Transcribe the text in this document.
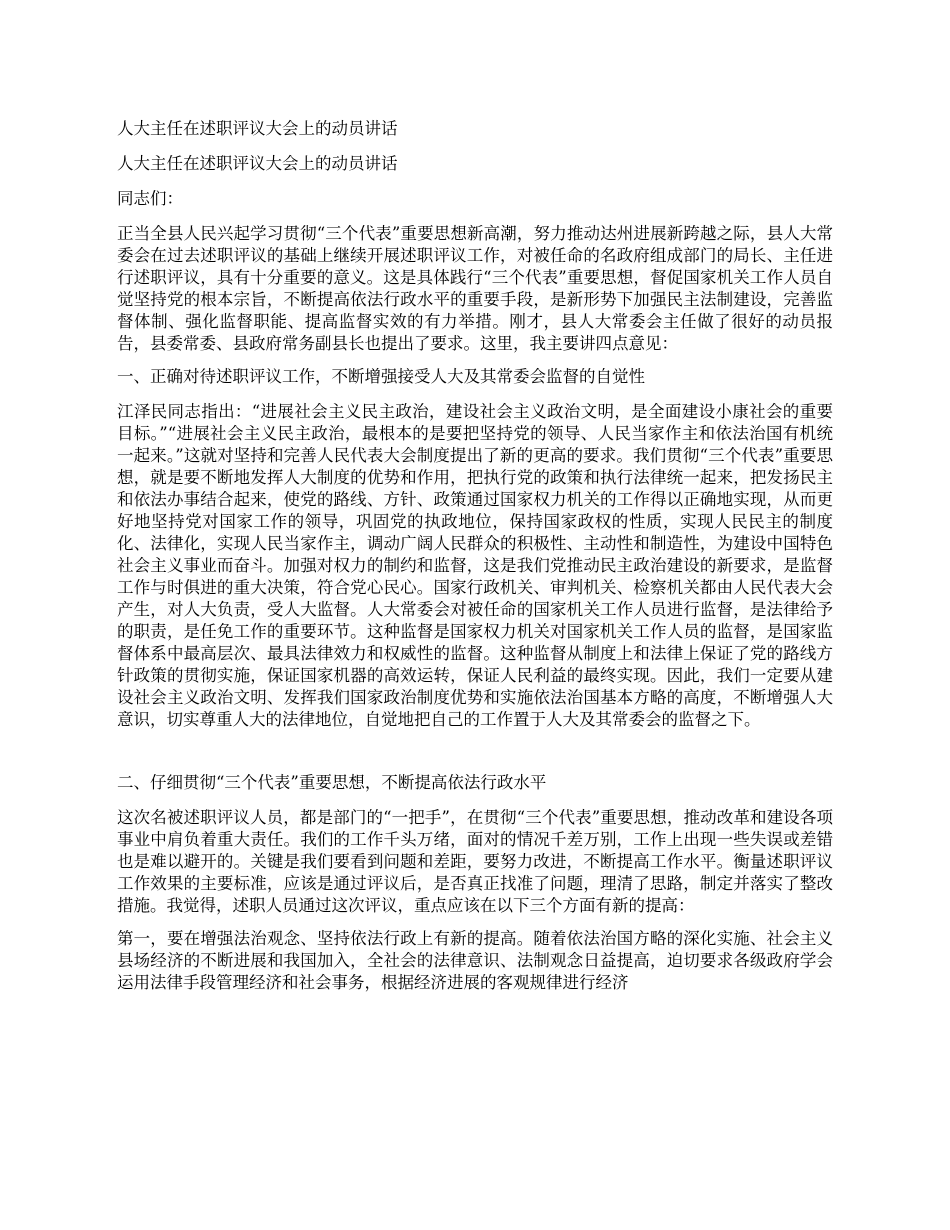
人大主任在述职评议大会上的动员讲话

人大主任在述职评议大会上的动员讲话

同志们：

正当全县人民兴起学习贯彻“三个代表”重要思想新高潮，努力推动达州进展新跨越之际，县人大常委会在过去述职评议的基础上继续开展述职评议工作，对被任命的名政府组成部门的局长、主任进行述职评议，具有十分重要的意义。这是具体践行“三个代表”重要思想，督促国家机关工作人员自觉坚持党的根本宗旨，不断提高依法行政水平的重要手段，是新形势下加强民主法制建设，完善监督体制、强化监督职能、提高监督实效的有力举措。刚才，县人大常委会主任做了很好的动员报告，县委常委、县政府常务副县长也提出了要求。这里，我主要讲四点意见：

一、正确对待述职评议工作，不断增强接受人大及其常委会监督的自觉性

江泽民同志指出：“进展社会主义民主政治，建设社会主义政治文明，是全面建设小康社会的重要目标。”“进展社会主义民主政治，最根本的是要把坚持党的领导、人民当家作主和依法治国有机统一起来。”这就对坚持和完善人民代表大会制度提出了新的更高的要求。我们贯彻“三个代表”重要思想，就是要不断地发挥人大制度的优势和作用，把执行党的政策和执行法律统一起来，把发扬民主和依法办事结合起来，使党的路线、方针、政策通过国家权力机关的工作得以正确地实现，从而更好地坚持党对国家工作的领导，巩固党的执政地位，保持国家政权的性质，实现人民民主的制度化、法律化，实现人民当家作主，调动广阔人民群众的积极性、主动性和制造性，为建设中国特色社会主义事业而奋斗。加强对权力的制约和监督，这是我们党推动民主政治建设的新要求，是监督工作与时俱进的重大决策，符合党心民心。国家行政机关、审判机关、检察机关都由人民代表大会产生，对人大负责，受人大监督。人大常委会对被任命的国家机关工作人员进行监督，是法律给予的职责，是任免工作的重要环节。这种监督是国家权力机关对国家机关工作人员的监督，是国家监督体系中最高层次、最具法律效力和权威性的监督。这种监督从制度上和法律上保证了党的路线方针政策的贯彻实施，保证国家机器的高效运转，保证人民利益的最终实现。因此，我们一定要从建设社会主义政治文明、发挥我们国家政治制度优势和实施依法治国基本方略的高度，不断增强人大意识，切实尊重人大的法律地位，自觉地把自己的工作置于人大及其常委会的监督之下。

二、仔细贯彻“三个代表”重要思想，不断提高依法行政水平

这次名被述职评议人员，都是部门的“一把手”，在贯彻“三个代表”重要思想，推动改革和建设各项事业中肩负着重大责任。我们的工作千头万绪，面对的情况千差万别，工作上出现一些失误或差错也是难以避开的。关键是我们要看到问题和差距，要努力改进，不断提高工作水平。衡量述职评议工作效果的主要标准，应该是通过评议后，是否真正找准了问题，理清了思路，制定并落实了整改措施。我觉得，述职人员通过这次评议，重点应该在以下三个方面有新的提高：

第一，要在增强法治观念、坚持依法行政上有新的提高。随着依法治国方略的深化实施、社会主义县场经济的不断进展和我国加入，全社会的法律意识、法制观念日益提高，迫切要求各级政府学会运用法律手段管理经济和社会事务，根据经济进展的客观规律进行经济
